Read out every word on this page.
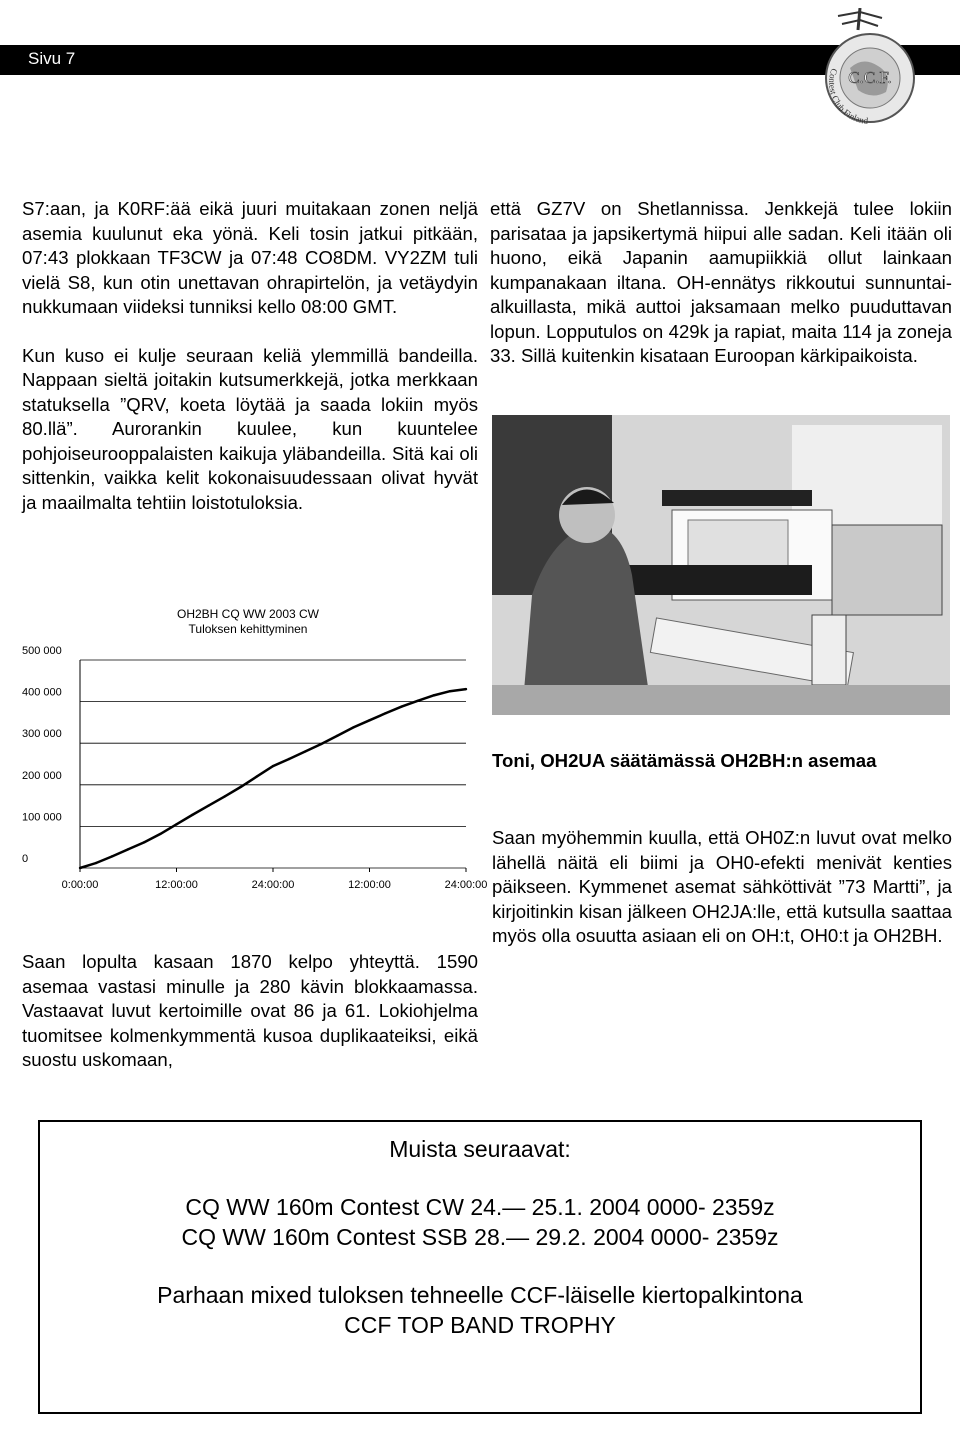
Sivu 7
C.C.F.
Contest Club Finland

S7:aan, ja K0RF:ää eikä juuri muitakaan zonen neljä asemia kuulunut eka yönä. Keli tosin jatkui pitkään, 07:43 plokkaan TF3CW ja 07:48 CO8DM. VY2ZM tuli vielä S8, kun otin unettavan ohrapirtelön, ja vetäydyin nukkumaan viideksi tunniksi kello 08:00 GMT.

Kun kuso ei kulje seuraan keliä ylemmillä bandeilla. Nappaan sieltä joitakin kutsumerkkejä, jotka merkkaan statuksella ”QRV, koeta löytää ja saada lokiin myös 80.llä”. Aurorankin kuulee, kun kuuntelee pohjoiseurooppalaisten kaikuja yläbandeilla. Sitä kai oli sittenkin, vaikka kelit kokonaisuudessaan olivat hyvät ja maailmalta tehtiin loistotuloksia.

että GZ7V on Shetlannissa. Jenkkejä tulee lokiin parisataa ja japsikertymä hiipui alle sadan. Keli itään oli huono, eikä Japanin aamupiikkiä ollut lainkaan kumpanakaan iltana. OH-ennätys rikkoutui sunnuntai-alkuillasta, mikä auttoi jaksamaan melko puuduttavan lopun. Lopputulos on 429k ja rapiat, maita 114 ja zoneja 33. Sillä kuitenkin kisataan Euroopan kärkipaikoista.

Toni, OH2UA säätämässä OH2BH:n asemaa

Saan myöhemmin kuulla, että OH0Z:n luvut ovat melko lähellä näitä eli biimi ja OH0-efekti menivät kenties päikseen. Kymmenet asemat sähköttivät ”73 Martti”, ja kirjoitinkin kisan jälkeen OH2JA:lle, että kutsulla saattaa myös olla osuutta asiaan eli on OH:t, OH0:t ja OH2BH.

OH2BH CQ WW 2003 CW
Tuloksen kehittyminen
0
100 000
200 000
300 000
400 000
500 000
0:00:00	12:00:00	24:00:00	12:00:00	24:00:00

Saan lopulta kasaan 1870 kelpo yhteyttä. 1590 asemaa vastasi minulle ja 280 kävin blokkaamassa. Vastaavat luvut kertoimille ovat 86 ja 61. Lokiohjelma tuomitsee kolmenkymmentä kusoa duplikaateiksi, eikä suostu uskomaan,

Muista seuraavat:
CQ WW 160m Contest CW 24.— 25.1. 2004 0000- 2359z
CQ WW 160m Contest SSB 28.— 29.2. 2004 0000- 2359z
Parhaan mixed tuloksen tehneelle CCF-läiselle kiertopalkintona
CCF TOP BAND TROPHY
